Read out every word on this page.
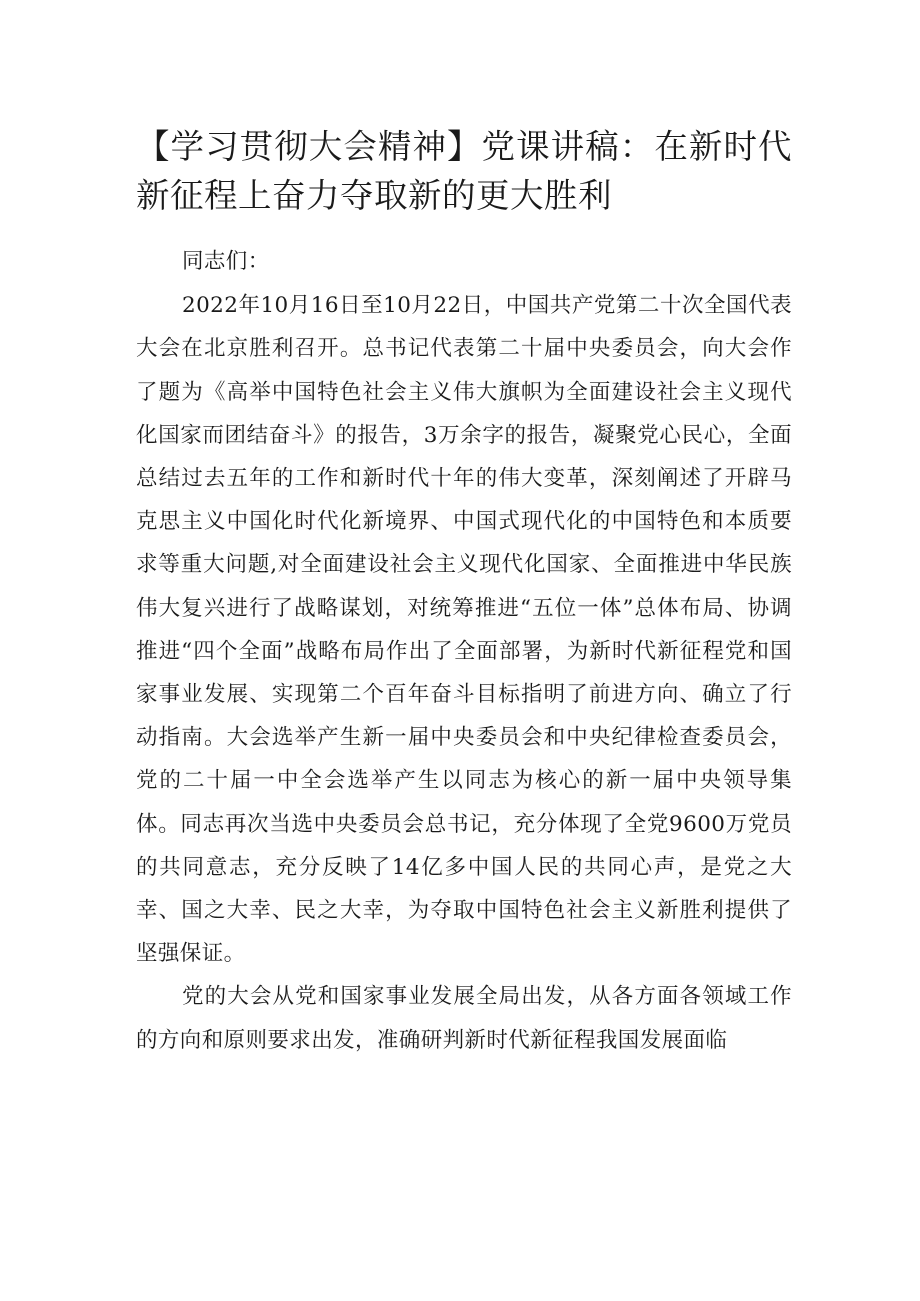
【学习贯彻大会精神】党课讲稿：在新时代新征程上奋力夺取新的更大胜利

同志们：

2022年10月16日至10月22日，中国共产党第二十次全国代表大会在北京胜利召开。总书记代表第二十届中央委员会，向大会作了题为《高举中国特色社会主义伟大旗帜为全面建设社会主义现代化国家而团结奋斗》的报告，3万余字的报告，凝聚党心民心，全面总结过去五年的工作和新时代十年的伟大变革，深刻阐述了开辟马克思主义中国化时代化新境界、中国式现代化的中国特色和本质要求等重大问题,对全面建设社会主义现代化国家、全面推进中华民族伟大复兴进行了战略谋划，对统筹推进“五位一体”总体布局、协调推进“四个全面”战略布局作出了全面部署，为新时代新征程党和国家事业发展、实现第二个百年奋斗目标指明了前进方向、确立了行动指南。大会选举产生新一届中央委员会和中央纪律检查委员会，党的二十届一中全会选举产生以同志为核心的新一届中央领导集体。同志再次当选中央委员会总书记，充分体现了全党9600万党员的共同意志，充分反映了14亿多中国人民的共同心声，是党之大幸、国之大幸、民之大幸，为夺取中国特色社会主义新胜利提供了坚强保证。

党的大会从党和国家事业发展全局出发，从各方面各领域工作的方向和原则要求出发，准确研判新时代新征程我国发展面临
